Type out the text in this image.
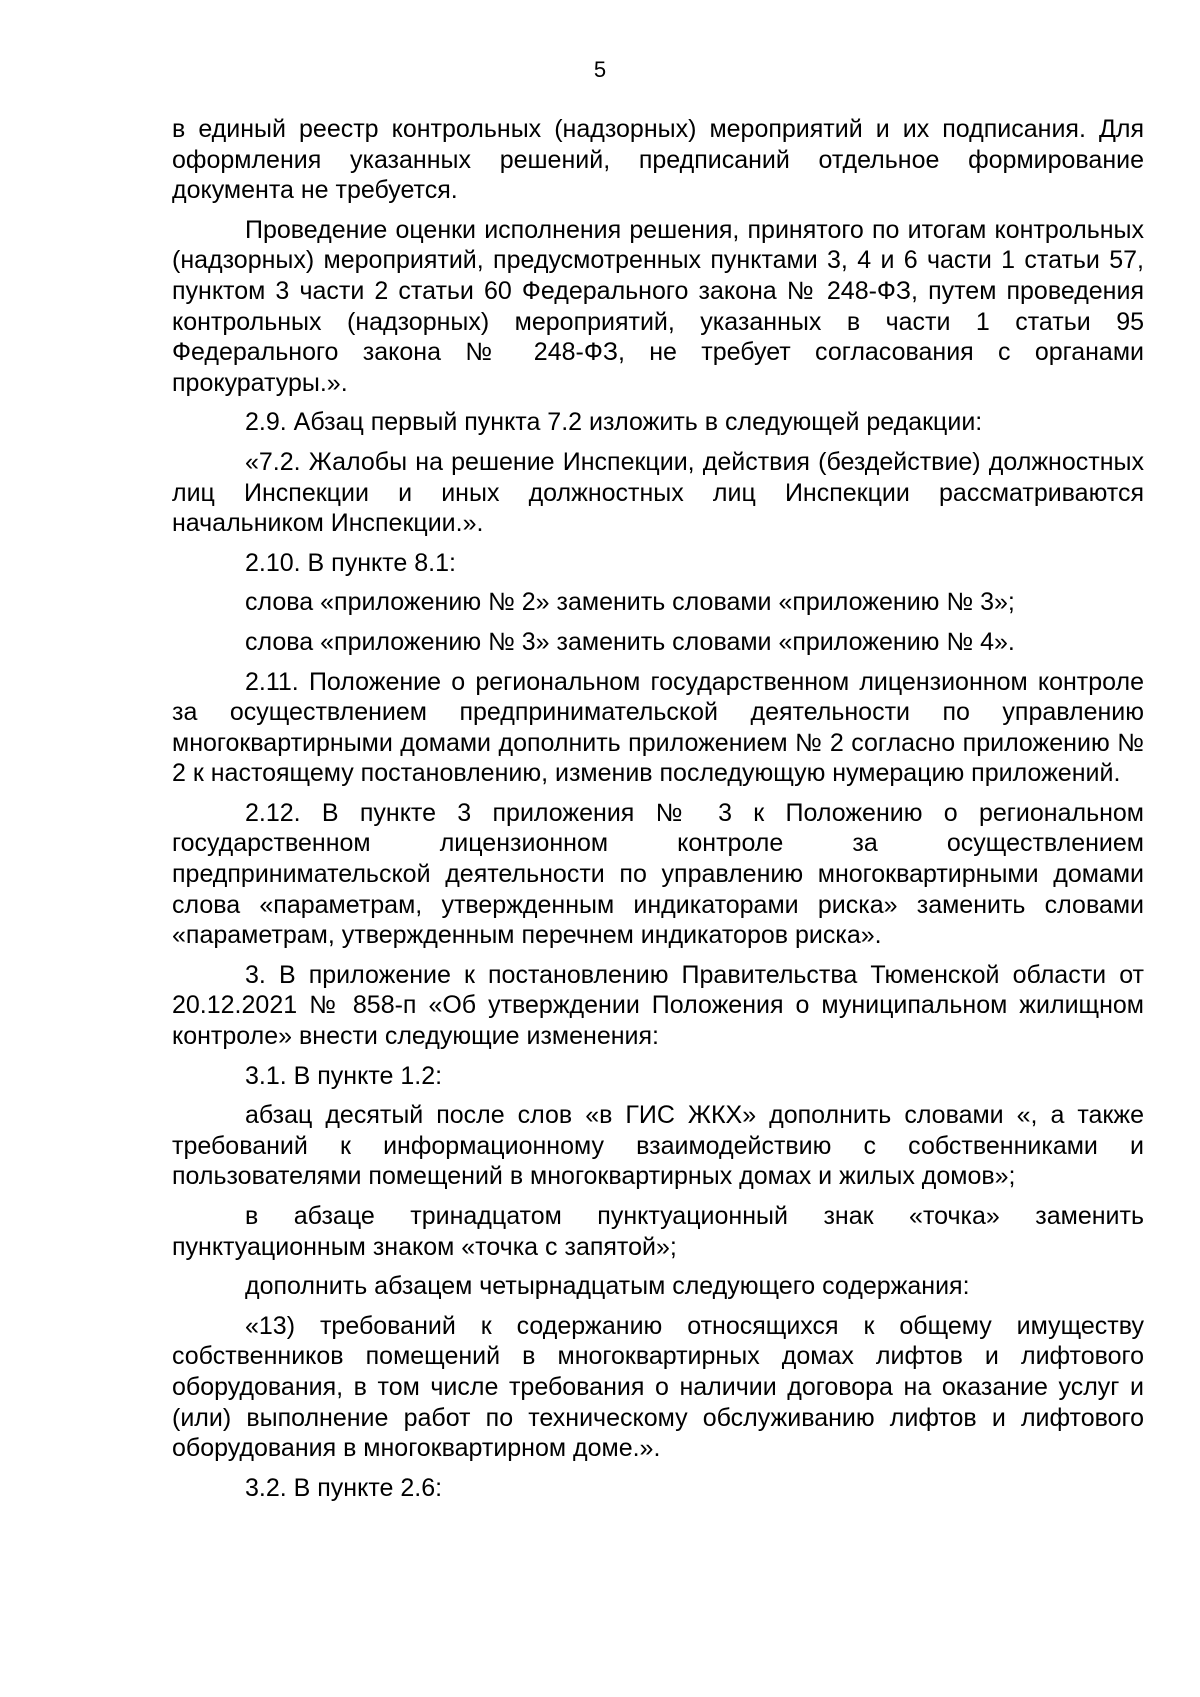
5

в единый реестр контрольных (надзорных) мероприятий и их подписания. Для оформления указанных решений, предписаний отдельное формирование документа не требуется.

Проведение оценки исполнения решения, принятого по итогам контрольных (надзорных) мероприятий, предусмотренных пунктами 3, 4 и 6 части 1 статьи 57, пунктом 3 части 2 статьи 60 Федерального закона № 248-ФЗ, путем проведения контрольных (надзорных) мероприятий, указанных в части 1 статьи 95 Федерального закона № 248-ФЗ, не требует согласования с органами прокуратуры.».

2.9. Абзац первый пункта 7.2 изложить в следующей редакции:

«7.2. Жалобы на решение Инспекции, действия (бездействие) должностных лиц Инспекции и иных должностных лиц Инспекции рассматриваются начальником Инспекции.».

2.10. В пункте 8.1:

слова «приложению № 2» заменить словами «приложению № 3»;

слова «приложению № 3» заменить словами «приложению № 4».

2.11. Положение о региональном государственном лицензионном контроле за осуществлением предпринимательской деятельности по управлению многоквартирными домами дополнить приложением № 2 согласно приложению № 2 к настоящему постановлению, изменив последующую нумерацию приложений.

2.12. В пункте 3 приложения № 3 к Положению о региональном государственном лицензионном контроле за осуществлением предпринимательской деятельности по управлению многоквартирными домами слова «параметрам, утвержденным индикаторами риска» заменить словами «параметрам, утвержденным перечнем индикаторов риска».

3. В приложение к постановлению Правительства Тюменской области от 20.12.2021 № 858-п «Об утверждении Положения о муниципальном жилищном контроле» внести следующие изменения:

3.1. В пункте 1.2:

абзац десятый после слов «в ГИС ЖКХ» дополнить словами «, а также требований к информационному взаимодействию с собственниками и пользователями помещений в многоквартирных домах и жилых домов»;

в абзаце тринадцатом пунктуационный знак «точка» заменить пунктуационным знаком «точка с запятой»;

дополнить абзацем четырнадцатым следующего содержания:

«13) требований к содержанию относящихся к общему имуществу собственников помещений в многоквартирных домах лифтов и лифтового оборудования, в том числе требования о наличии договора на оказание услуг и (или) выполнение работ по техническому обслуживанию лифтов и лифтового оборудования в многоквартирном доме.».

3.2. В пункте 2.6:
